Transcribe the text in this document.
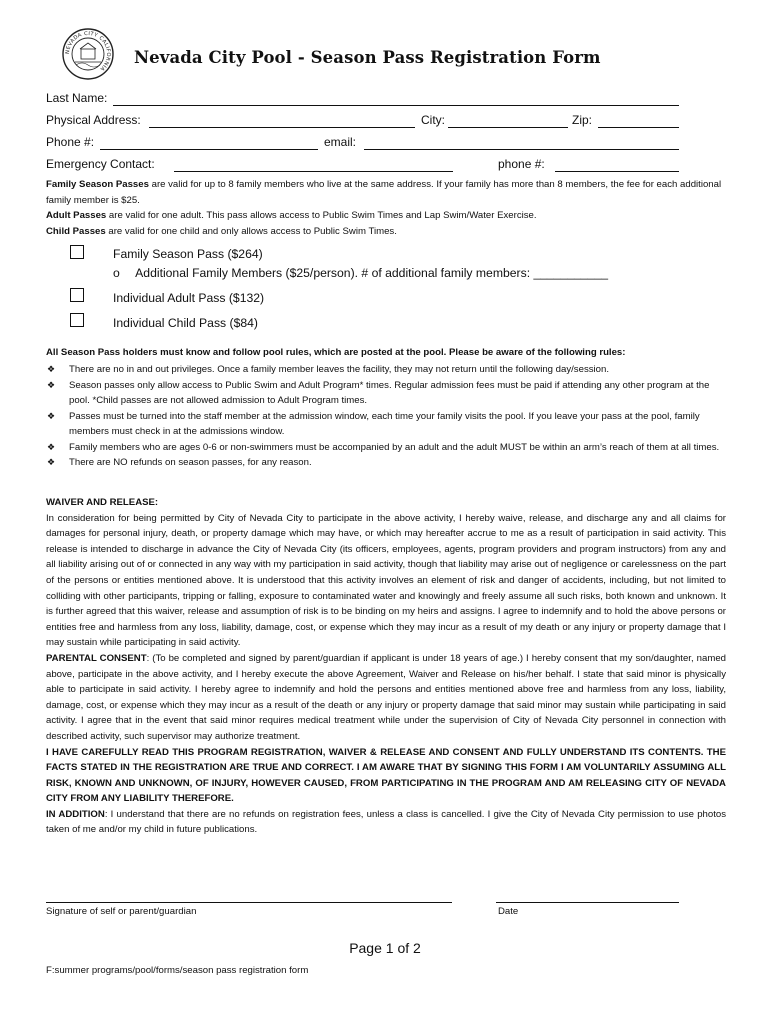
NEVADA CITY CALIFORNIA
Nevada City Pool - Season Pass Registration Form
Last Name:
Physical Address:	City:	Zip:
Phone #:	email:
Emergency Contact:	phone #:
Family Season Passes are valid for up to 8 family members who live at the same address. If your family has more than 8 members, the fee for each additional family member is $25.
Adult Passes are valid for one adult. This pass allows access to Public Swim Times and Lap Swim/Water Exercise.
Child Passes are valid for one child and only allows access to Public Swim Times.
Family Season Pass ($264)
o Additional Family Members ($25/person). # of additional family members: ___________
Individual Adult Pass ($132)
Individual Child Pass ($84)
All Season Pass holders must know and follow pool rules, which are posted at the pool. Please be aware of the following rules:
❖ There are no in and out privileges. Once a family member leaves the facility, they may not return until the following day/session.
❖ Season passes only allow access to Public Swim and Adult Program* times. Regular admission fees must be paid if attending any other program at the pool. *Child passes are not allowed admission to Adult Program times.
❖ Passes must be turned into the staff member at the admission window, each time your family visits the pool. If you leave your pass at the pool, family members must check in at the admissions window.
❖ Family members who are ages 0-6 or non-swimmers must be accompanied by an adult and the adult MUST be within an arm’s reach of them at all times.
❖ There are NO refunds on season passes, for any reason.

WAIVER AND RELEASE:

In consideration for being permitted by City of Nevada City to participate in the above activity, I hereby waive, release, and discharge any and all claims for damages for personal injury, death, or property damage which may have, or which may hereafter accrue to me as a result of participation in said activity. This release is intended to discharge in advance the City of Nevada City (its officers, employees, agents, program providers and program instructors) from any and all liability arising out of or connected in any way with my participation in said activity, though that liability may arise out of negligence or carelessness on the part of the persons or entities mentioned above. It is understood that this activity involves an element of risk and danger of accidents, including, but not limited to colliding with other participants, tripping or falling, exposure to contaminated water and knowingly and freely assume all such risks, both known and unknown. It is further agreed that this waiver, release and assumption of risk is to be binding on my heirs and assigns. I agree to indemnify and to hold the above persons or entities free and harmless from any loss, liability, damage, cost, or expense which they may incur as a result of my death or any injury or property damage that I may sustain while participating in said activity.

PARENTAL CONSENT: (To be completed and signed by parent/guardian if applicant is under 18 years of age.) I hereby consent that my son/daughter, named above, participate in the above activity, and I hereby execute the above Agreement, Waiver and Release on his/her behalf. I state that said minor is physically able to participate in said activity. I hereby agree to indemnify and hold the persons and entities mentioned above free and harmless from any loss, liability, damage, cost, or expense which they may incur as a result of the death or any injury or property damage that said minor may sustain while participating in said activity. I agree that in the event that said minor requires medical treatment while under the supervision of City of Nevada City personnel in connection with described activity, such supervisor may authorize treatment.

I HAVE CAREFULLY READ THIS PROGRAM REGISTRATION, WAIVER & RELEASE AND CONSENT AND FULLY UNDERSTAND ITS CONTENTS. THE FACTS STATED IN THE REGISTRATION ARE TRUE AND CORRECT. I AM AWARE THAT BY SIGNING THIS FORM I AM VOLUNTARILY ASSUMING ALL RISK, KNOWN AND UNKNOWN, OF INJURY, HOWEVER CAUSED, FROM PARTICIPATING IN THE PROGRAM AND AM RELEASING CITY OF NEVADA CITY FROM ANY LIABILITY THEREFORE.

IN ADDITION: I understand that there are no refunds on registration fees, unless a class is cancelled. I give the City of Nevada City permission to use photos taken of me and/or my child in future publications.

Signature of self or parent/guardian	Date
Page 1 of 2
F:summer programs/pool/forms/season pass registration form
